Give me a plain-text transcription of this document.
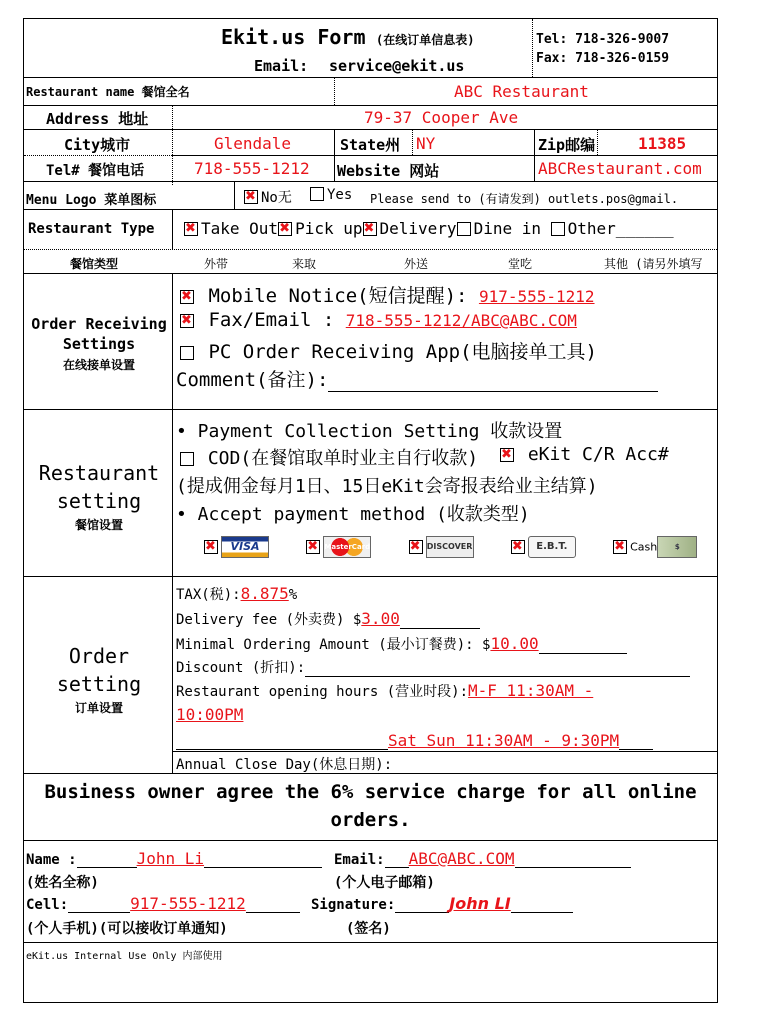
Ekit.us Form (在线订单信息表)
Email: service@ekit.us
Tel: 718-326-9007
Fax: 718-326-0159
Restaurant name 餐馆全名	ABC Restaurant
Address 地址	79-37 Cooper Ave
City城市	Glendale	State州 NY	Zip邮编	11385
Tel# 餐馆电话	718-555-1212 Website 网站	ABCRestaurant.com
Menu Logo 菜单图标 ✖	No无	Yes Please send to (有请发到) outlets.pos@gmail.
Restaurant Type ✖	Take Out ✖ Pick up ✖ Delivery Dine in Other______
餐馆类型	外带	来取	外送	堂吃	其他 (请另外填写
Order Receiving Settings
在线接单设置
✖ Mobile Notice(短信提醒): 917-555-1212
✖ Fax/Email : 718-555-1212/ABC@ABC.COM
PC Order Receiving App(电脑接单工具)
Comment(备注):
Restaurant setting
餐馆设置
• Payment Collection Setting 收款设置
COD(在餐馆取单时业主自行收款) ✖	eKit C/R Acc#
(提成佣金每月1日、15日eKit会寄报表给业主结算)
• Accept payment method (收款类型)
✖VISA ✖	MasterCard ✖	DISCOVER ✖	E.B.T. ✖	Cash	$
Order setting
订单设置
TAX(税):8.875%
Delivery fee (外卖费) $3.00
Minimal Ordering Amount (最小订餐费): $10.00
Discount (折扣):
Restaurant opening hours (营业时段):M-F 11:30AM -
10:00PM
Sat Sun 11:30AM - 9:30PM
Annual Close Day(休息日期):
Business owner agree the 6% service charge for all online
orders.
Name :	John Li	Email: ABC@ABC.COM
(姓名全称)	(个人电子邮箱)
Cell:	917-555-1212	Signature:	John LI
(个人手机)(可以接收订单通知)	(签名)
eKit.us Internal Use Only 内部使用
